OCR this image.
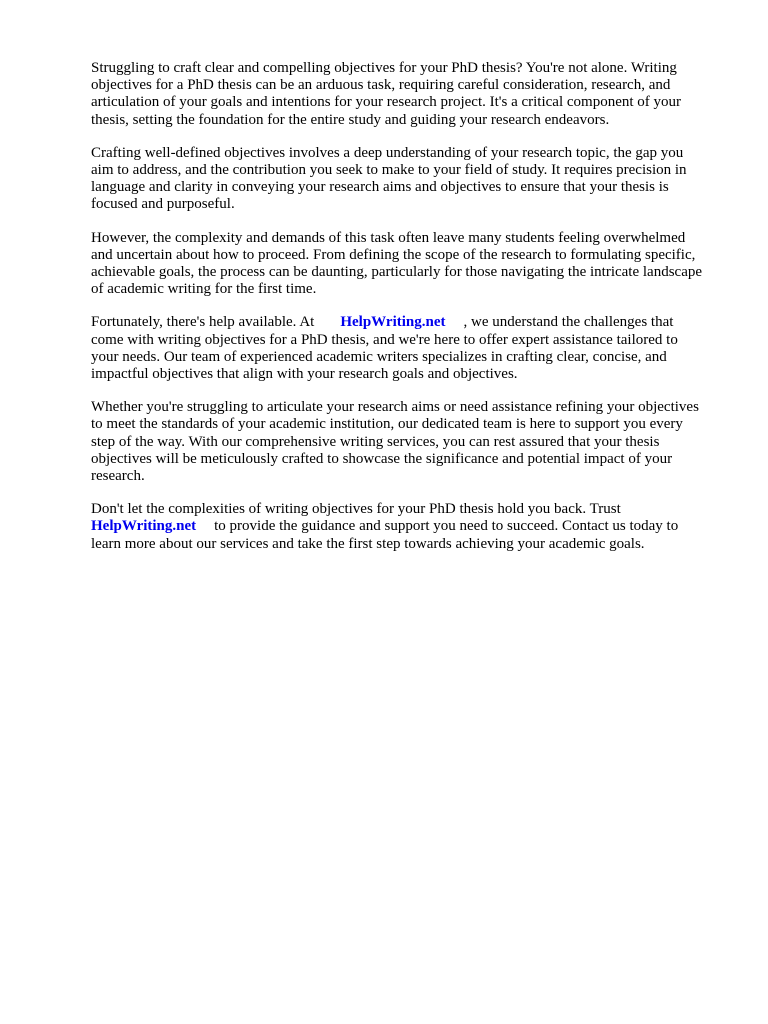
Struggling to craft clear and compelling objectives for your PhD thesis? You're not alone. Writing objectives for a PhD thesis can be an arduous task, requiring careful consideration, research, and articulation of your goals and intentions for your research project. It's a critical component of your thesis, setting the foundation for the entire study and guiding your research endeavors.

Crafting well-defined objectives involves a deep understanding of your research topic, the gap you aim to address, and the contribution you seek to make to your field of study. It requires precision in language and clarity in conveying your research aims and objectives to ensure that your thesis is focused and purposeful.

However, the complexity and demands of this task often leave many students feeling overwhelmed and uncertain about how to proceed. From defining the scope of the research to formulating specific, achievable goals, the process can be daunting, particularly for those navigating the intricate landscape of academic writing for the first time.

Fortunately, there's help available. At HelpWriting.net , we understand the challenges that come with writing objectives for a PhD thesis, and we're here to offer expert assistance tailored to your needs. Our team of experienced academic writers specializes in crafting clear, concise, and impactful objectives that align with your research goals and objectives.

Whether you're struggling to articulate your research aims or need assistance refining your objectives to meet the standards of your academic institution, our dedicated team is here to support you every step of the way. With our comprehensive writing services, you can rest assured that your thesis objectives will be meticulously crafted to showcase the significance and potential impact of your research.

Don't let the complexities of writing objectives for your PhD thesis hold you back. Trust HelpWriting.net to provide the guidance and support you need to succeed. Contact us today to learn more about our services and take the first step towards achieving your academic goals.
